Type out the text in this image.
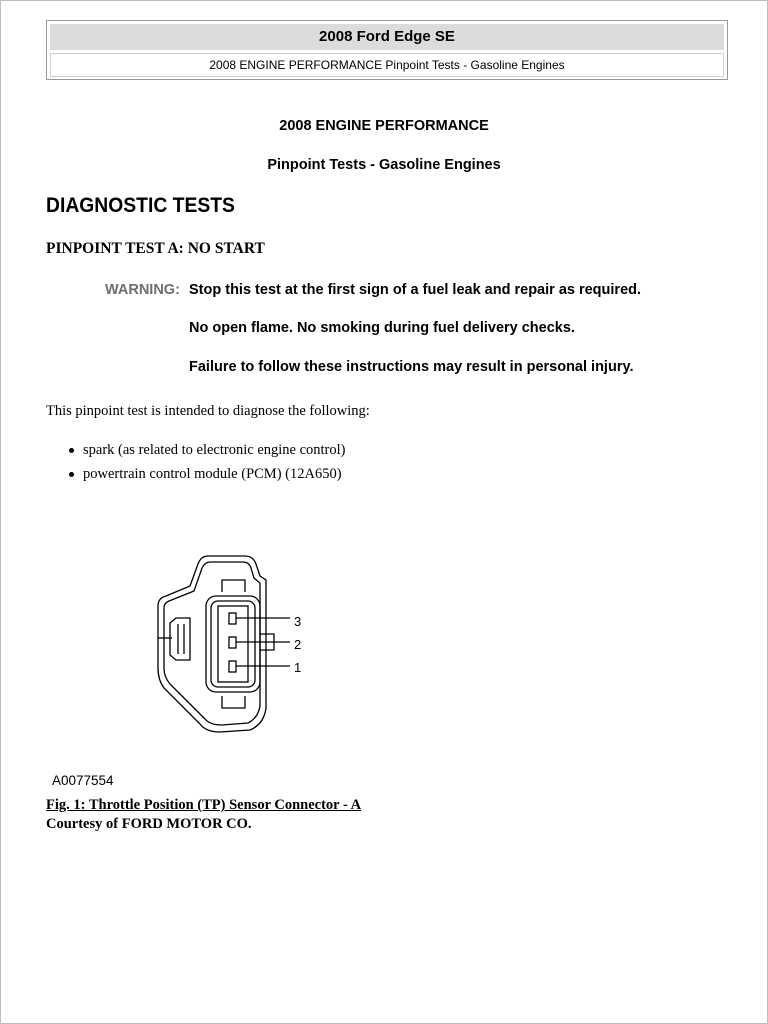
2008 Ford Edge SE
2008 ENGINE PERFORMANCE Pinpoint Tests - Gasoline Engines
2008 ENGINE PERFORMANCE
Pinpoint Tests - Gasoline Engines
DIAGNOSTIC TESTS
PINPOINT TEST A: NO START
WARNING: Stop this test at the first sign of a fuel leak and repair as required.
No open flame. No smoking during fuel delivery checks.
Failure to follow these instructions may result in personal injury.
This pinpoint test is intended to diagnose the following:
spark (as related to electronic engine control)
powertrain control module (PCM) (12A650)
3
2
1
A0077554
Fig. 1: Throttle Position (TP) Sensor Connector - A
Courtesy of FORD MOTOR CO.
